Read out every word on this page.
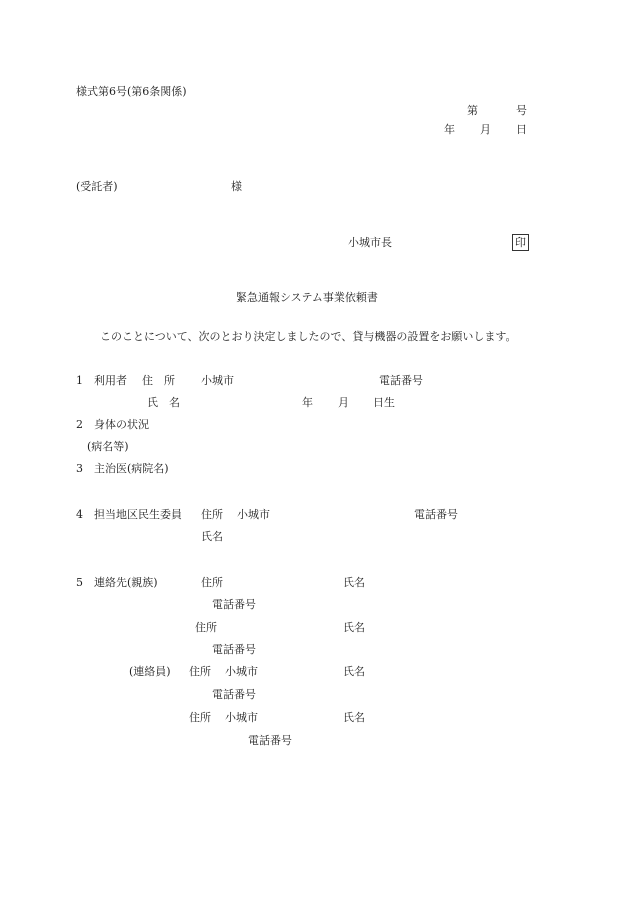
様式第6号(第6条関係)
第	号
年 月 日
(受託者)	様
小城市長	印
緊急通報システム事業依頼書
このことについて、次のとおり決定しましたので、貸与機器の設置をお願いします。
1 利用者 住　所 小城市	電話番号
氏　名	年 月 日生
2 身体の状況
(病名等)
3 主治医(病院名)
4 担当地区民生委員 住所 小城市	電話番号
氏名
5 連絡先(親族)	住所	氏名
電話番号
住所	氏名
電話番号
(連絡員) 住所 小城市	氏名
電話番号
住所 小城市	氏名
電話番号
